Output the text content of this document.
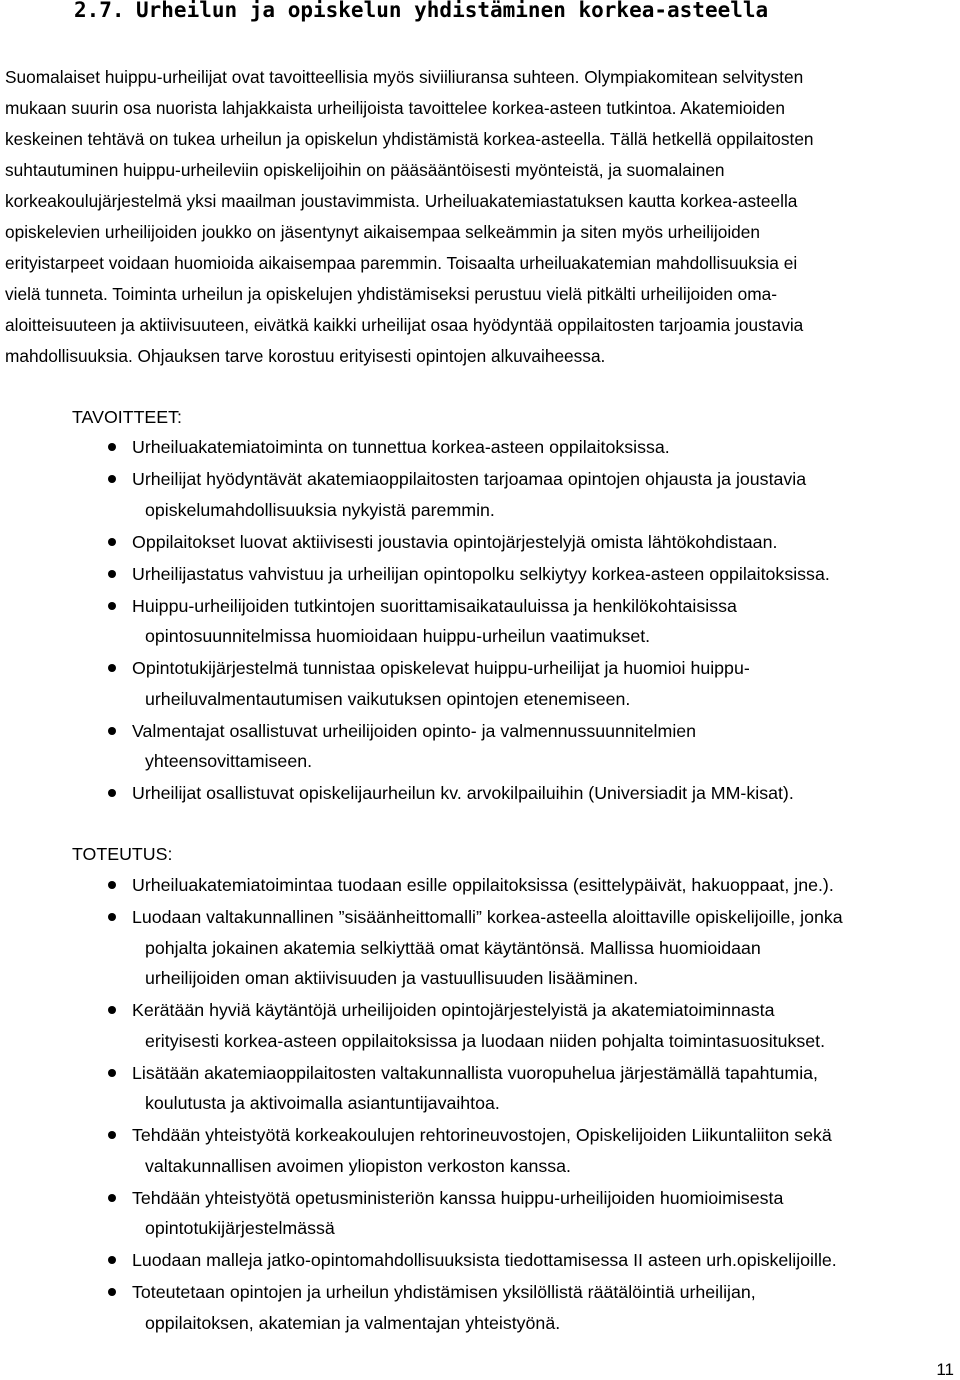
2.7. Urheilun ja opiskelun yhdistäminen korkea-asteella
Suomalaiset huippu-urheilijat ovat tavoitteellisia myös siviiliuransa suhteen. Olympiakomitean selvitysten
mukaan suurin osa nuorista lahjakkaista urheilijoista tavoittelee korkea-asteen tutkintoa. Akatemioiden
keskeinen tehtävä on tukea urheilun ja opiskelun yhdistämistä korkea-asteella. Tällä hetkellä oppilaitosten
suhtautuminen huippu-urheileviin opiskelijoihin on pääsääntöisesti myönteistä, ja suomalainen
korkeakoulujärjestelmä yksi maailman joustavimmista. Urheiluakatemiastatuksen kautta korkea-asteella
opiskelevien urheilijoiden joukko on jäsentynyt aikaisempaa selkeämmin ja siten myös urheilijoiden
erityistarpeet voidaan huomioida aikaisempaa paremmin. Toisaalta urheiluakatemian mahdollisuuksia ei
vielä tunneta. Toiminta urheilun ja opiskelujen yhdistämiseksi perustuu vielä pitkälti urheilijoiden oma-
aloitteisuuteen ja aktiivisuuteen, eivätkä kaikki urheilijat osaa hyödyntää oppilaitosten tarjoamia joustavia
mahdollisuuksia. Ohjauksen tarve korostuu erityisesti opintojen alkuvaiheessa.
TAVOITTEET:
Urheiluakatemiatoiminta on tunnettua korkea-asteen oppilaitoksissa.
Urheilijat hyödyntävät akatemiaoppilaitosten tarjoamaa opintojen ohjausta ja joustavia
opiskelumahdollisuuksia nykyistä paremmin.
Oppilaitokset luovat aktiivisesti joustavia opintojärjestelyjä omista lähtökohdistaan.
Urheilijastatus vahvistuu ja urheilijan opintopolku selkiytyy korkea-asteen oppilaitoksissa.
Huippu-urheilijoiden tutkintojen suorittamisaikatauluissa ja henkilökohtaisissa
opintosuunnitelmissa huomioidaan huippu-urheilun vaatimukset.
Opintotukijärjestelmä tunnistaa opiskelevat huippu-urheilijat ja huomioi huippu-
urheiluvalmentautumisen vaikutuksen opintojen etenemiseen.
Valmentajat osallistuvat urheilijoiden opinto- ja valmennussuunnitelmien
yhteensovittamiseen.
Urheilijat osallistuvat opiskelijaurheilun kv. arvokilpailuihin (Universiadit ja MM-kisat).
TOTEUTUS:
Urheiluakatemiatoimintaa tuodaan esille oppilaitoksissa (esittelypäivät, hakuoppaat, jne.).
Luodaan valtakunnallinen ”sisäänheittomalli” korkea-asteella aloittaville opiskelijoille, jonka
pohjalta jokainen akatemia selkiyttää omat käytäntönsä. Mallissa huomioidaan
urheilijoiden oman aktiivisuuden ja vastuullisuuden lisääminen.
Kerätään hyviä käytäntöjä urheilijoiden opintojärjestelyistä ja akatemiatoiminnasta
erityisesti korkea-asteen oppilaitoksissa ja luodaan niiden pohjalta toimintasuositukset.
Lisätään akatemiaoppilaitosten valtakunnallista vuoropuhelua järjestämällä tapahtumia,
koulutusta ja aktivoimalla asiantuntijavaihtoa.
Tehdään yhteistyötä korkeakoulujen rehtorineuvostojen, Opiskelijoiden Liikuntaliiton sekä
valtakunnallisen avoimen yliopiston verkoston kanssa.
Tehdään yhteistyötä opetusministeriön kanssa huippu-urheilijoiden huomioimisesta
opintotukijärjestelmässä
Luodaan malleja jatko-opintomahdollisuuksista tiedottamisessa II asteen urh.opiskelijoille.
Toteutetaan opintojen ja urheilun yhdistämisen yksilöllistä räätälöintiä urheilijan,
oppilaitoksen, akatemian ja valmentajan yhteistyönä.
11
